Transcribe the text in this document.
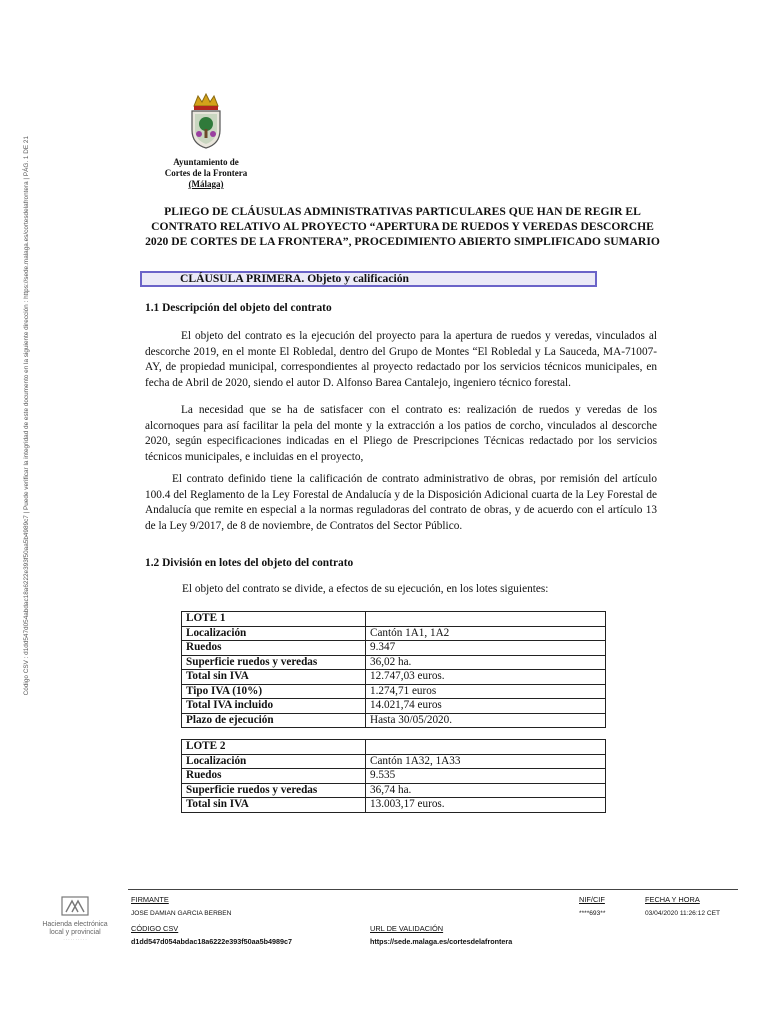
Código CSV : d1dd547d054abdac18a6222e393f50aa5b4989c7 | Puede verificar la integridad de este documento en la siguiente dirección : https://sede.malaga.es/cortesdelafrontera | PÁG. 1 DE 21	Ayuntamiento de
Cortes de la Frontera
(Málaga)
PLIEGO DE CLÁUSULAS ADMINISTRATIVAS PARTICULARES QUE HAN DE REGIR EL CONTRATO RELATIVO AL PROYECTO “APERTURA DE RUEDOS Y VEREDAS DESCORCHE 2020 DE CORTES DE LA FRONTERA”, PROCEDIMIENTO ABIERTO SIMPLIFICADO SUMARIO
CLÁUSULA PRIMERA. Objeto y calificación
1.1 Descripción del objeto del contrato
El objeto del contrato es la ejecución del proyecto para la apertura de ruedos y veredas, vinculados al descorche 2019, en el monte El Robledal, dentro del Grupo de Montes “El Robledal y La Sauceda, MA-71007-AY, de propiedad municipal, correspondientes al proyecto redactado por los servicios técnicos municipales, en fecha de Abril de 2020, siendo el autor D. Alfonso Barea Cantalejo, ingeniero técnico forestal.
La necesidad que se ha de satisfacer con el contrato es: realización de ruedos y veredas de los alcornoques para así facilitar la pela del monte y la extracción a los patios de corcho, vinculados al descorche 2020, según especificaciones indicadas en el Pliego de Prescripciones Técnicas redactado por los servicios técnicos municipales, e incluidas en el proyecto,
El contrato definido tiene la calificación de contrato administrativo de obras, por remisión del artículo 100.4 del Reglamento de la Ley Forestal de Andalucía y de la Disposición Adicional cuarta de la Ley Forestal de Andalucía que remite en especial a la normas reguladoras del contrato de obras, y de acuerdo con el artículo 13 de la Ley 9/2017, de 8 de noviembre, de Contratos del Sector Público.
1.2 División en lotes del objeto del contrato
El objeto del contrato se divide, a efectos de su ejecución, en los lotes siguientes:
LOTE 1	
Localización	Cantón 1A1, 1A2
Ruedos	9.347
Superficie ruedos y veredas	36,02 ha.
Total sin IVA	12.747,03 euros.
Tipo IVA (10%)	1.274,71 euros
Total IVA incluido	14.021,74 euros
Plazo de ejecución	Hasta 30/05/2020.
LOTE 2	
Localización	Cantón 1A32, 1A33
Ruedos	9.535
Superficie ruedos y veredas	36,74 ha.
Total sin IVA	13.003,17 euros.
Hacienda electrónica
local y provincial
· · · · · · · · · ·
FIRMANTE
JOSE DAMIAN GARCIA BERBEN
NIF/CIF
****693**
FECHA Y HORA
03/04/2020 11:26:12 CET
CÓDIGO CSV
d1dd547d054abdac18a6222e393f50aa5b4989c7
URL DE VALIDACIÓN
https://sede.malaga.es/cortesdelafrontera
